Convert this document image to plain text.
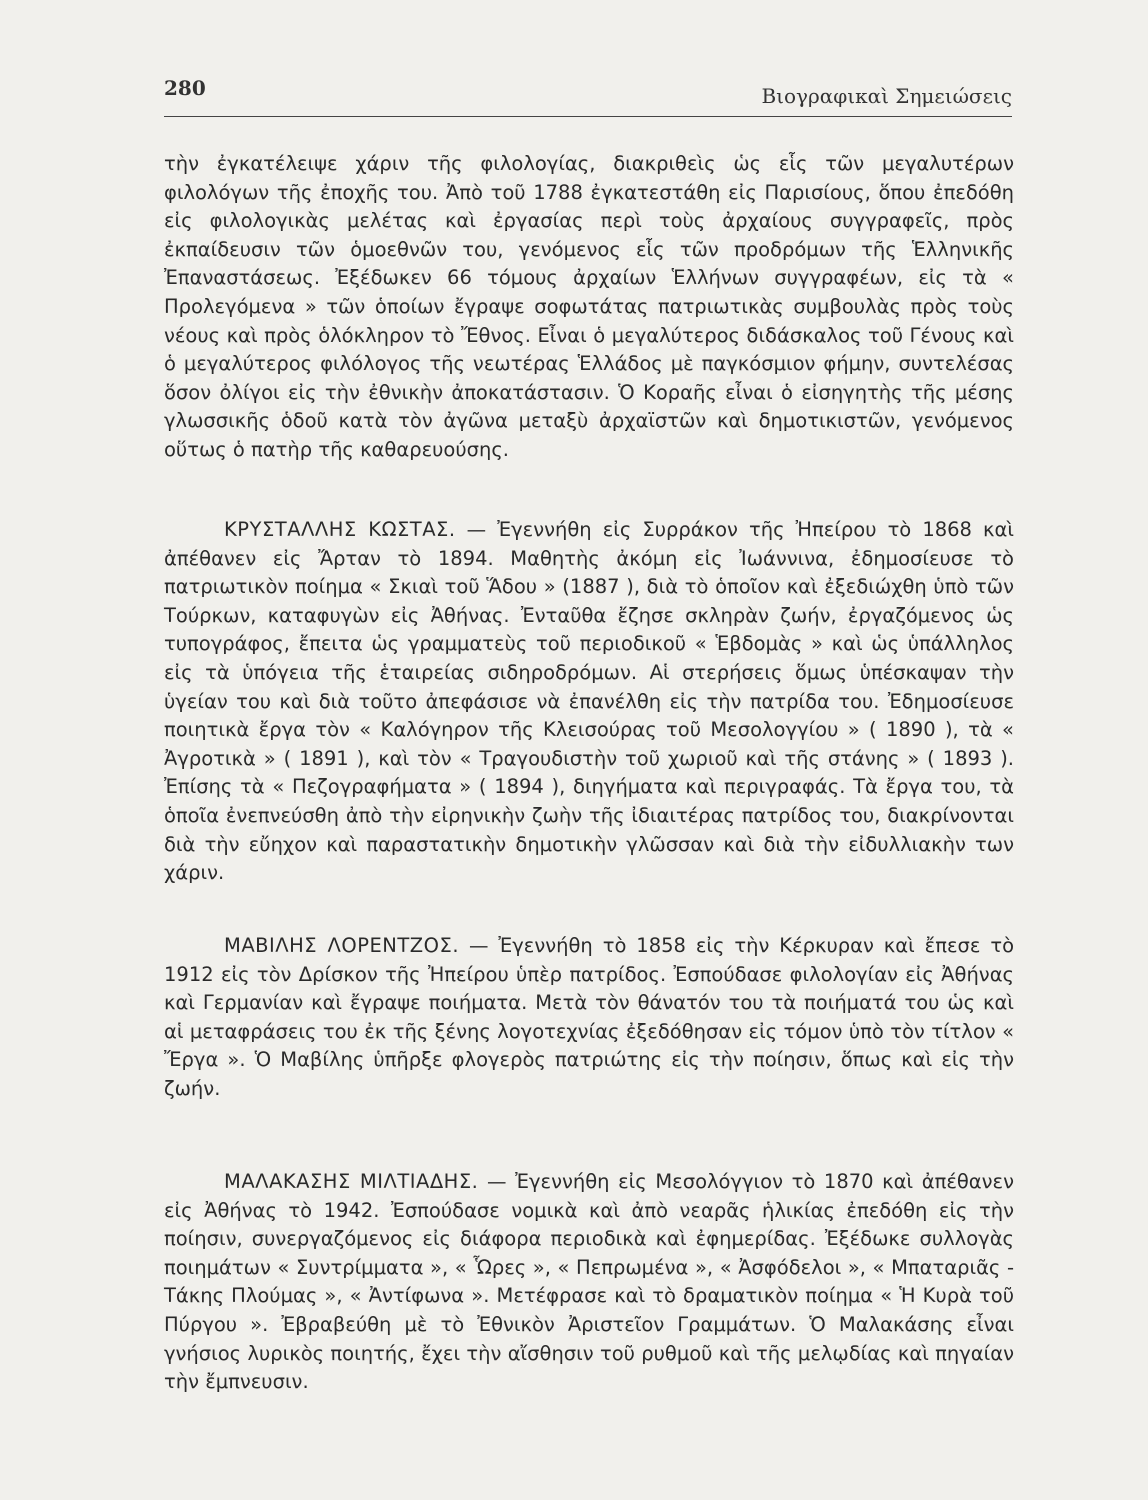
280	Βιογραφικαὶ Σημειώσεις

τὴν ἐγκατέλειψε χάριν τῆς φιλολογίας, διακριθεὶς ὡς εἷς τῶν μεγαλυτέρων φιλολόγων τῆς ἐποχῆς του. Ἀπὸ τοῦ 1788 ἐγκατεστάθη εἰς Παρισίους, ὅπου ἐπεδόθη εἰς φιλολογικὰς μελέτας καὶ ἐργασίας περὶ τοὺς ἀρχαίους συγγραφεῖς, πρὸς ἐκπαίδευσιν τῶν ὁμοεθνῶν του, γενόμενος εἷς τῶν προδρόμων τῆς Ἑλληνικῆς Ἐπαναστάσεως. Ἐξέδωκεν 66 τόμους ἀρχαίων Ἑλλήνων συγγραφέων, εἰς τὰ « Προλεγόμενα » τῶν ὁποίων ἔγραψε σοφωτάτας πατριωτικὰς συμβουλὰς πρὸς τοὺς νέους καὶ πρὸς ὁλόκληρον τὸ Ἔθνος. Εἶναι ὁ μεγαλύτερος διδάσκαλος τοῦ Γένους καὶ ὁ μεγαλύτερος φιλόλογος τῆς νεωτέρας Ἑλλάδος μὲ παγκόσμιον φήμην, συντελέσας ὅσον ὀλίγοι εἰς τὴν ἐθνικὴν ἀποκατάστασιν. Ὁ Κοραῆς εἶναι ὁ εἰσηγητὴς τῆς μέσης γλωσσικῆς ὁδοῦ κατὰ τὸν ἀγῶνα μεταξὺ ἀρχαϊστῶν καὶ δημοτικιστῶν, γενόμενος οὕτως ὁ πατὴρ τῆς καθαρευούσης.

ΚΡΥΣΤΑΛΛΗΣ ΚΩΣΤΑΣ. — Ἐγεννήθη εἰς Συρράκον τῆς Ἠπείρου τὸ 1868 καὶ ἀπέθανεν εἰς Ἄρταν τὸ 1894. Μαθητὴς ἀκόμη εἰς Ἰωάννινα, ἐδημοσίευσε τὸ πατριωτικὸν ποίημα « Σκιαὶ τοῦ Ἅδου » (1887 ), διὰ τὸ ὁποῖον καὶ ἐξεδιώχθη ὑπὸ τῶν Τούρκων, καταφυγὼν εἰς Ἀθήνας. Ἐνταῦθα ἔζησε σκληρὰν ζωήν, ἐργαζόμενος ὡς τυπογράφος, ἔπειτα ὡς γραμματεὺς τοῦ περιοδικοῦ « Ἑβδομὰς » καὶ ὡς ὑπάλληλος εἰς τὰ ὑπόγεια τῆς ἑταιρείας σιδηροδρόμων. Αἱ στερήσεις ὅμως ὑπέσκαψαν τὴν ὑγείαν του καὶ διὰ τοῦτο ἀπεφάσισε νὰ ἐπανέλθη εἰς τὴν πατρίδα του. Ἐδημοσίευσε ποιητικὰ ἔργα τὸν « Καλόγηρον τῆς Κλεισούρας τοῦ Μεσολογγίου » ( 1890 ), τὰ « Ἀγροτικὰ » ( 1891 ), καὶ τὸν « Τραγουδιστὴν τοῦ χωριοῦ καὶ τῆς στάνης » ( 1893 ). Ἐπίσης τὰ « Πεζογραφήματα » ( 1894 ), διηγήματα καὶ περιγραφάς. Τὰ ἔργα του, τὰ ὁποῖα ἐνεπνεύσθη ἀπὸ τὴν εἰρηνικὴν ζωὴν τῆς ἰδιαιτέρας πατρίδος του, διακρίνονται διὰ τὴν εὔηχον καὶ παραστατικὴν δημοτικὴν γλῶσσαν καὶ διὰ τὴν εἰδυλλιακὴν των χάριν.

ΜΑΒΙΛΗΣ ΛΟΡΕΝΤΖΟΣ. — Ἐγεννήθη τὸ 1858 εἰς τὴν Κέρκυραν καὶ ἔπεσε τὸ 1912 εἰς τὸν Δρίσκον τῆς Ἠπείρου ὑπὲρ πατρίδος. Ἐσπούδασε φιλολογίαν εἰς Ἀθήνας καὶ Γερμανίαν καὶ ἔγραψε ποιήματα. Μετὰ τὸν θάνατόν του τὰ ποιήματά του ὡς καὶ αἱ μεταφράσεις του ἐκ τῆς ξένης λογοτεχνίας ἐξεδόθησαν εἰς τόμον ὑπὸ τὸν τίτλον « Ἔργα ». Ὁ Μαβίλης ὑπῆρξε φλογερὸς πατριώτης εἰς τὴν ποίησιν, ὅπως καὶ εἰς τὴν ζωήν.

ΜΑΛΑΚΑΣΗΣ ΜΙΛΤΙΑΔΗΣ. — Ἐγεννήθη εἰς Μεσολόγγιον τὸ 1870 καὶ ἀπέθανεν εἰς Ἀθήνας τὸ 1942. Ἐσπούδασε νομικὰ καὶ ἀπὸ νεαρᾶς ἡλικίας ἐπεδόθη εἰς τὴν ποίησιν, συνεργαζόμενος εἰς διάφορα περιοδικὰ καὶ ἐφημερίδας. Ἐξέδωκε συλλογὰς ποιημάτων « Συντρίμματα », « Ὧρες », « Πεπρωμένα », « Ἀσφόδελοι », « Μπαταριᾶς - Τάκης Πλούμας », « Ἀντίφωνα ». Μετέφρασε καὶ τὸ δραματικὸν ποίημα « Ἡ Κυρὰ τοῦ Πύργου ». Ἐβραβεύθη μὲ τὸ Ἐθνικὸν Ἀριστεῖον Γραμμάτων. Ὁ Μαλακάσης εἶναι γνήσιος λυρικὸς ποιητής, ἔχει τὴν αἴσθησιν τοῦ ρυθμοῦ καὶ τῆς μελῳδίας καὶ πηγαίαν τὴν ἔμπνευσιν.
